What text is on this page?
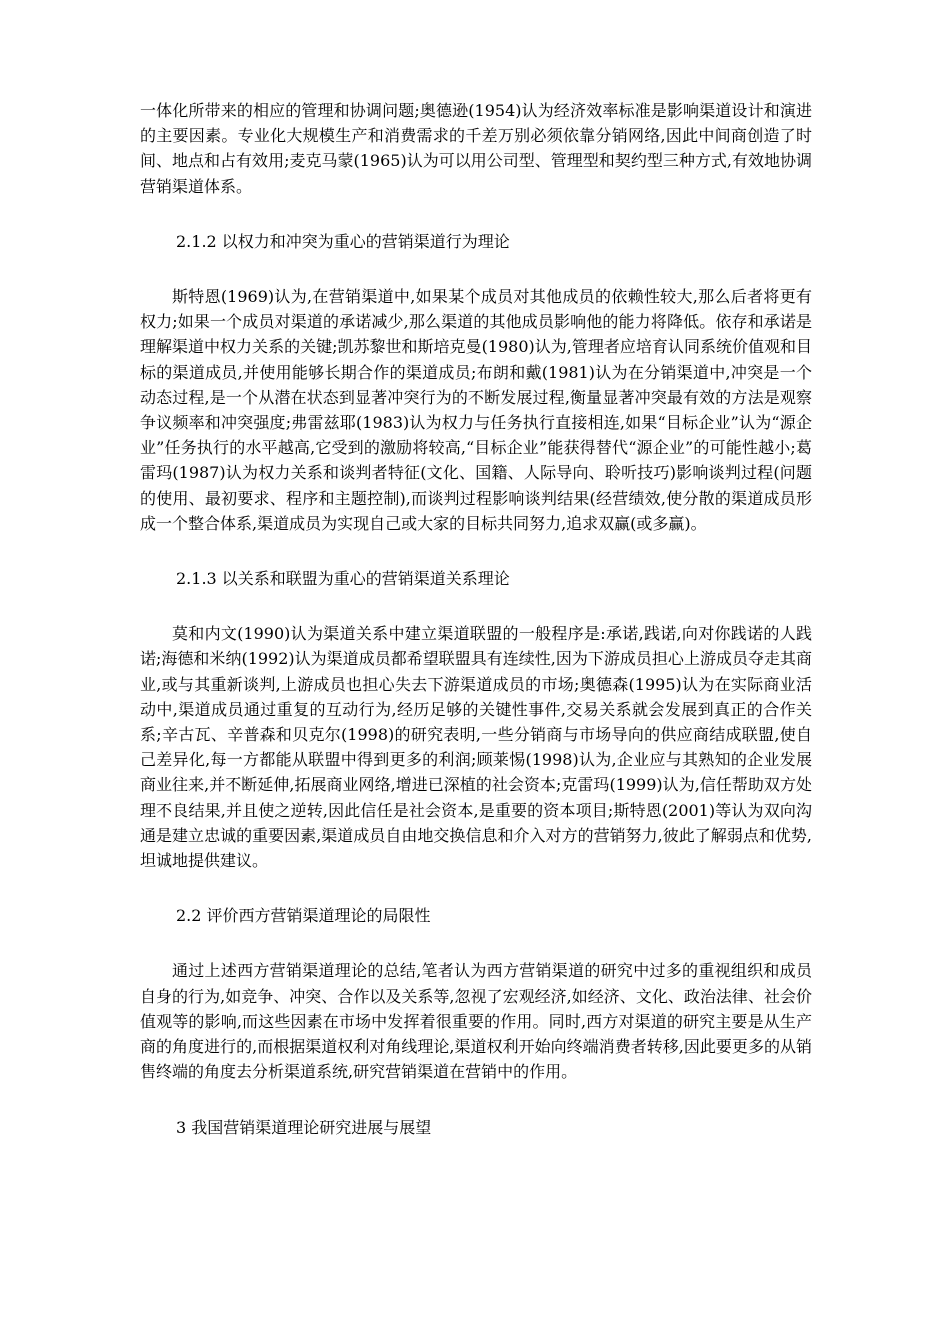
一体化所带来的相应的管理和协调问题;奥德逊(1954)认为经济效率标准是影响渠道设计和演进的主要因素。专业化大规模生产和消费需求的千差万别必须依靠分销网络,因此中间商创造了时间、地点和占有效用;麦克马蒙(1965)认为可以用公司型、管理型和契约型三种方式,有效地协调营销渠道体系。

2.1.2 以权力和冲突为重心的营销渠道行为理论

斯特恩(1969)认为,在营销渠道中,如果某个成员对其他成员的依赖性较大,那么后者将更有权力;如果一个成员对渠道的承诺减少,那么渠道的其他成员影响他的能力将降低。依存和承诺是理解渠道中权力关系的关键;凯苏黎世和斯培克曼(1980)认为,管理者应培育认同系统价值观和目标的渠道成员,并使用能够长期合作的渠道成员;布朗和戴(1981)认为在分销渠道中,冲突是一个动态过程,是一个从潜在状态到显著冲突行为的不断发展过程,衡量显著冲突最有效的方法是观察争议频率和冲突强度;弗雷兹耶(1983)认为权力与任务执行直接相连,如果“目标企业”认为“源企业”任务执行的水平越高,它受到的激励将较高,“目标企业”能获得替代“源企业”的可能性越小;葛雷玛(1987)认为权力关系和谈判者特征(文化、国籍、人际导向、聆听技巧)影响谈判过程(问题的使用、最初要求、程序和主题控制),而谈判过程影响谈判结果(经营绩效,使分散的渠道成员形成一个整合体系,渠道成员为实现自己或大家的目标共同努力,追求双赢(或多赢)。

2.1.3 以关系和联盟为重心的营销渠道关系理论

莫和内文(1990)认为渠道关系中建立渠道联盟的一般程序是:承诺,践诺,向对你践诺的人践诺;海德和米纳(1992)认为渠道成员都希望联盟具有连续性,因为下游成员担心上游成员夺走其商业,或与其重新谈判,上游成员也担心失去下游渠道成员的市场;奥德森(1995)认为在实际商业活动中,渠道成员通过重复的互动行为,经历足够的关键性事件,交易关系就会发展到真正的合作关系;辛古瓦、辛普森和贝克尔(1998)的研究表明,一些分销商与市场导向的供应商结成联盟,使自己差异化,每一方都能从联盟中得到更多的利润;顾莱惕(1998)认为,企业应与其熟知的企业发展商业往来,并不断延伸,拓展商业网络,增进已深植的社会资本;克雷玛(1999)认为,信任帮助双方处理不良结果,并且使之逆转,因此信任是社会资本,是重要的资本项目;斯特恩(2001)等认为双向沟通是建立忠诚的重要因素,渠道成员自由地交换信息和介入对方的营销努力,彼此了解弱点和优势,坦诚地提供建议。

2.2 评价西方营销渠道理论的局限性

通过上述西方营销渠道理论的总结,笔者认为西方营销渠道的研究中过多的重视组织和成员自身的行为,如竞争、冲突、合作以及关系等,忽视了宏观经济,如经济、文化、政治法律、社会价值观等的影响,而这些因素在市场中发挥着很重要的作用。同时,西方对渠道的研究主要是从生产商的角度进行的,而根据渠道权利对角线理论,渠道权利开始向终端消费者转移,因此要更多的从销售终端的角度去分析渠道系统,研究营销渠道在营销中的作用。

3 我国营销渠道理论研究进展与展望
